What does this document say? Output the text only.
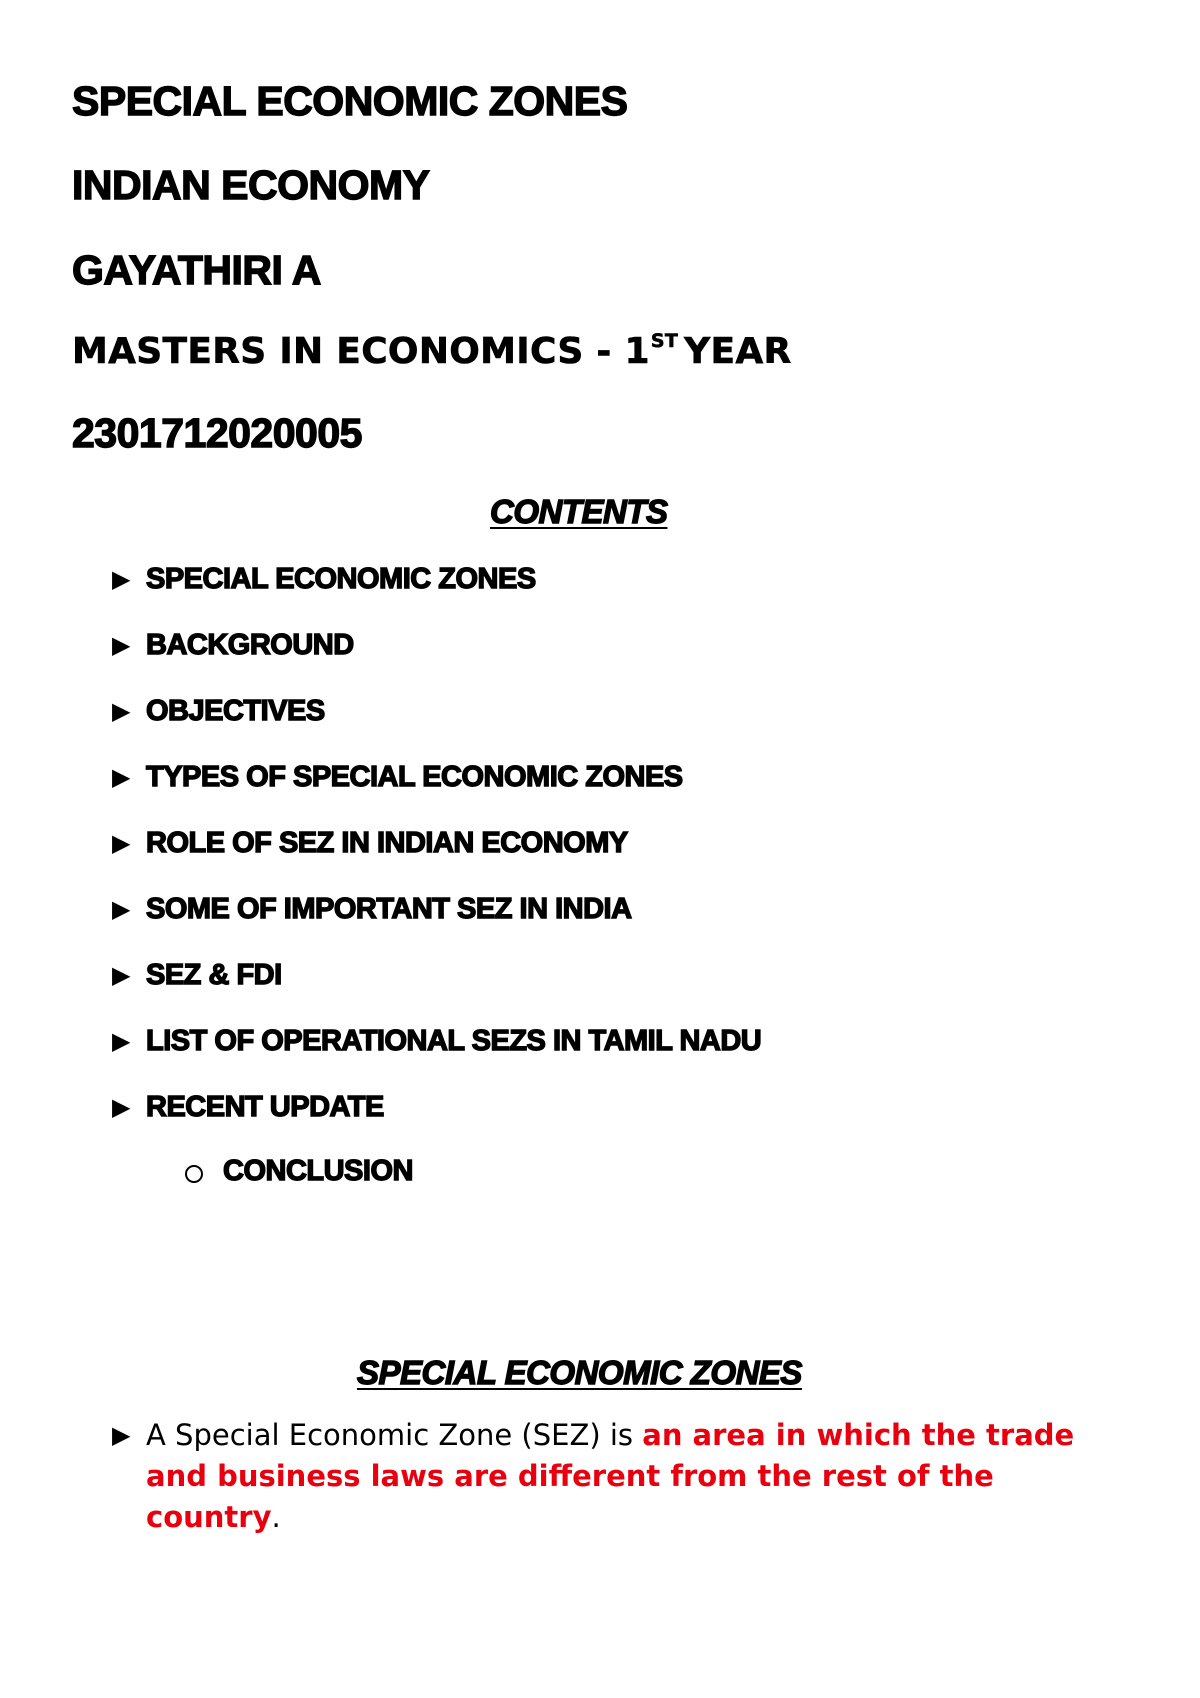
SPECIAL ECONOMIC ZONES
INDIAN ECONOMY
GAYATHIRI A
MASTERS IN ECONOMICS - 1ST YEAR
2301712020005
CONTENTS
▶ SPECIAL ECONOMIC ZONES
▶ BACKGROUND
▶ OBJECTIVES
▶ TYPES OF SPECIAL ECONOMIC ZONES
▶ ROLE OF SEZ IN INDIAN ECONOMY
▶ SOME OF IMPORTANT SEZ IN INDIA
▶ SEZ & FDI
▶ LIST OF OPERATIONAL SEZS IN TAMIL NADU
▶ RECENT UPDATE
CONCLUSION
SPECIAL ECONOMIC ZONES
▶ A Special Economic Zone (SEZ) is an area in which the trade and business laws are different from the rest of the country.
